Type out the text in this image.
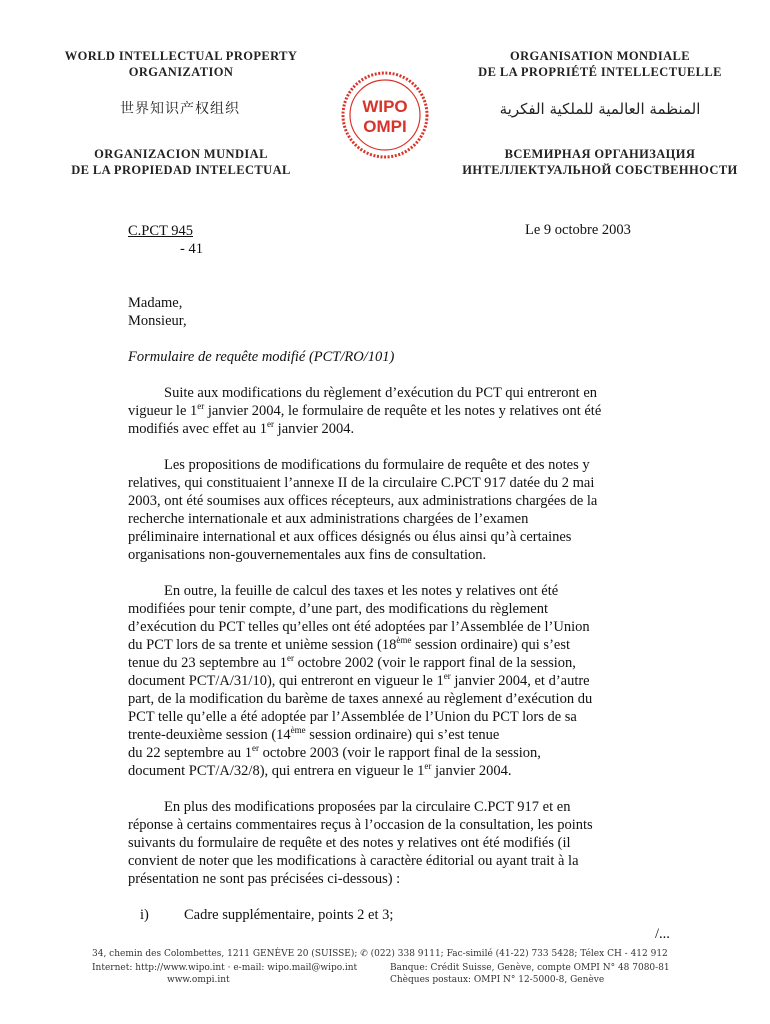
WORLD INTELLECTUAL PROPERTY
ORGANIZATION
ORGANISATION MONDIALE
DE LA PROPRIÉTÉ INTELLECTUELLE
世界知识产权组织	المنظمة العالمية للملكية الفكرية
ORGANIZACION MUNDIAL
DE LA PROPIEDAD INTELECTUAL
ВСЕМИРНАЯ ОРГАНИЗАЦИЯ
ИНТЕЛЛЕКТУАЛЬНОЙ СОБСТВЕННОСТИ
WIPO
OMPI
C.PCT 945
- 41
Le 9 octobre 2003

Madame,

Monsieur,

Formulaire de requête modifié (PCT/RO/101)

Suite aux modifications du règlement d’exécution du PCT qui entreront en

vigueur le 1er janvier 2004, le formulaire de requête et les notes y relatives ont été

modifiés avec effet au 1er janvier 2004.

Les propositions de modifications du formulaire de requête et des notes y

relatives, qui constituaient l’annexe II de la circulaire C.PCT 917 datée du 2 mai

2003, ont été soumises aux offices récepteurs, aux administrations chargées de la

recherche internationale et aux administrations chargées de l’examen

préliminaire international et aux offices désignés ou élus ainsi qu’à certaines

organisations non-gouvernementales aux fins de consultation.

En outre, la feuille de calcul des taxes et les notes y relatives ont été

modifiées pour tenir compte, d’une part, des modifications du règlement

d’exécution du PCT telles qu’elles ont été adoptées par l’Assemblée de l’Union

du PCT lors de sa trente et unième session (18ème session ordinaire) qui s’est

tenue du 23 septembre au 1er octobre 2002 (voir le rapport final de la session,

document PCT/A/31/10), qui entreront en vigueur le 1er janvier 2004, et d’autre

part, de la modification du barème de taxes annexé au règlement d’exécution du

PCT telle qu’elle a été adoptée par l’Assemblée de l’Union du PCT lors de sa

trente-deuxième session (14ème session ordinaire) qui s’est tenue

du 22 septembre au 1er octobre 2003 (voir le rapport final de la session,

document PCT/A/32/8), qui entrera en vigueur le 1er janvier 2004.

En plus des modifications proposées par la circulaire C.PCT 917 et en

réponse à certains commentaires reçus à l’occasion de la consultation, les points

suivants du formulaire de requête et des notes y relatives ont été modifiés (il

convient de noter que les modifications à caractère éditorial ou ayant trait à la

présentation ne sont pas précisées ci-dessous) :

i)	Cadre supplémentaire, points 2 et 3;
/...
34, chemin des Colombettes, 1211 GENÈVE 20 (SUISSE); ✆ (022) 338 9111; Fac-similé (41-22) 733 5428; Télex CH - 412 912
Internet: http://www.wipo.int · e-mail: wipo.mail@wipo.int
www.ompi.int
Banque: Crédit Suisse, Genève, compte OMPI N° 48 7080-81
Chèques postaux: OMPI N° 12-5000-8, Genève
